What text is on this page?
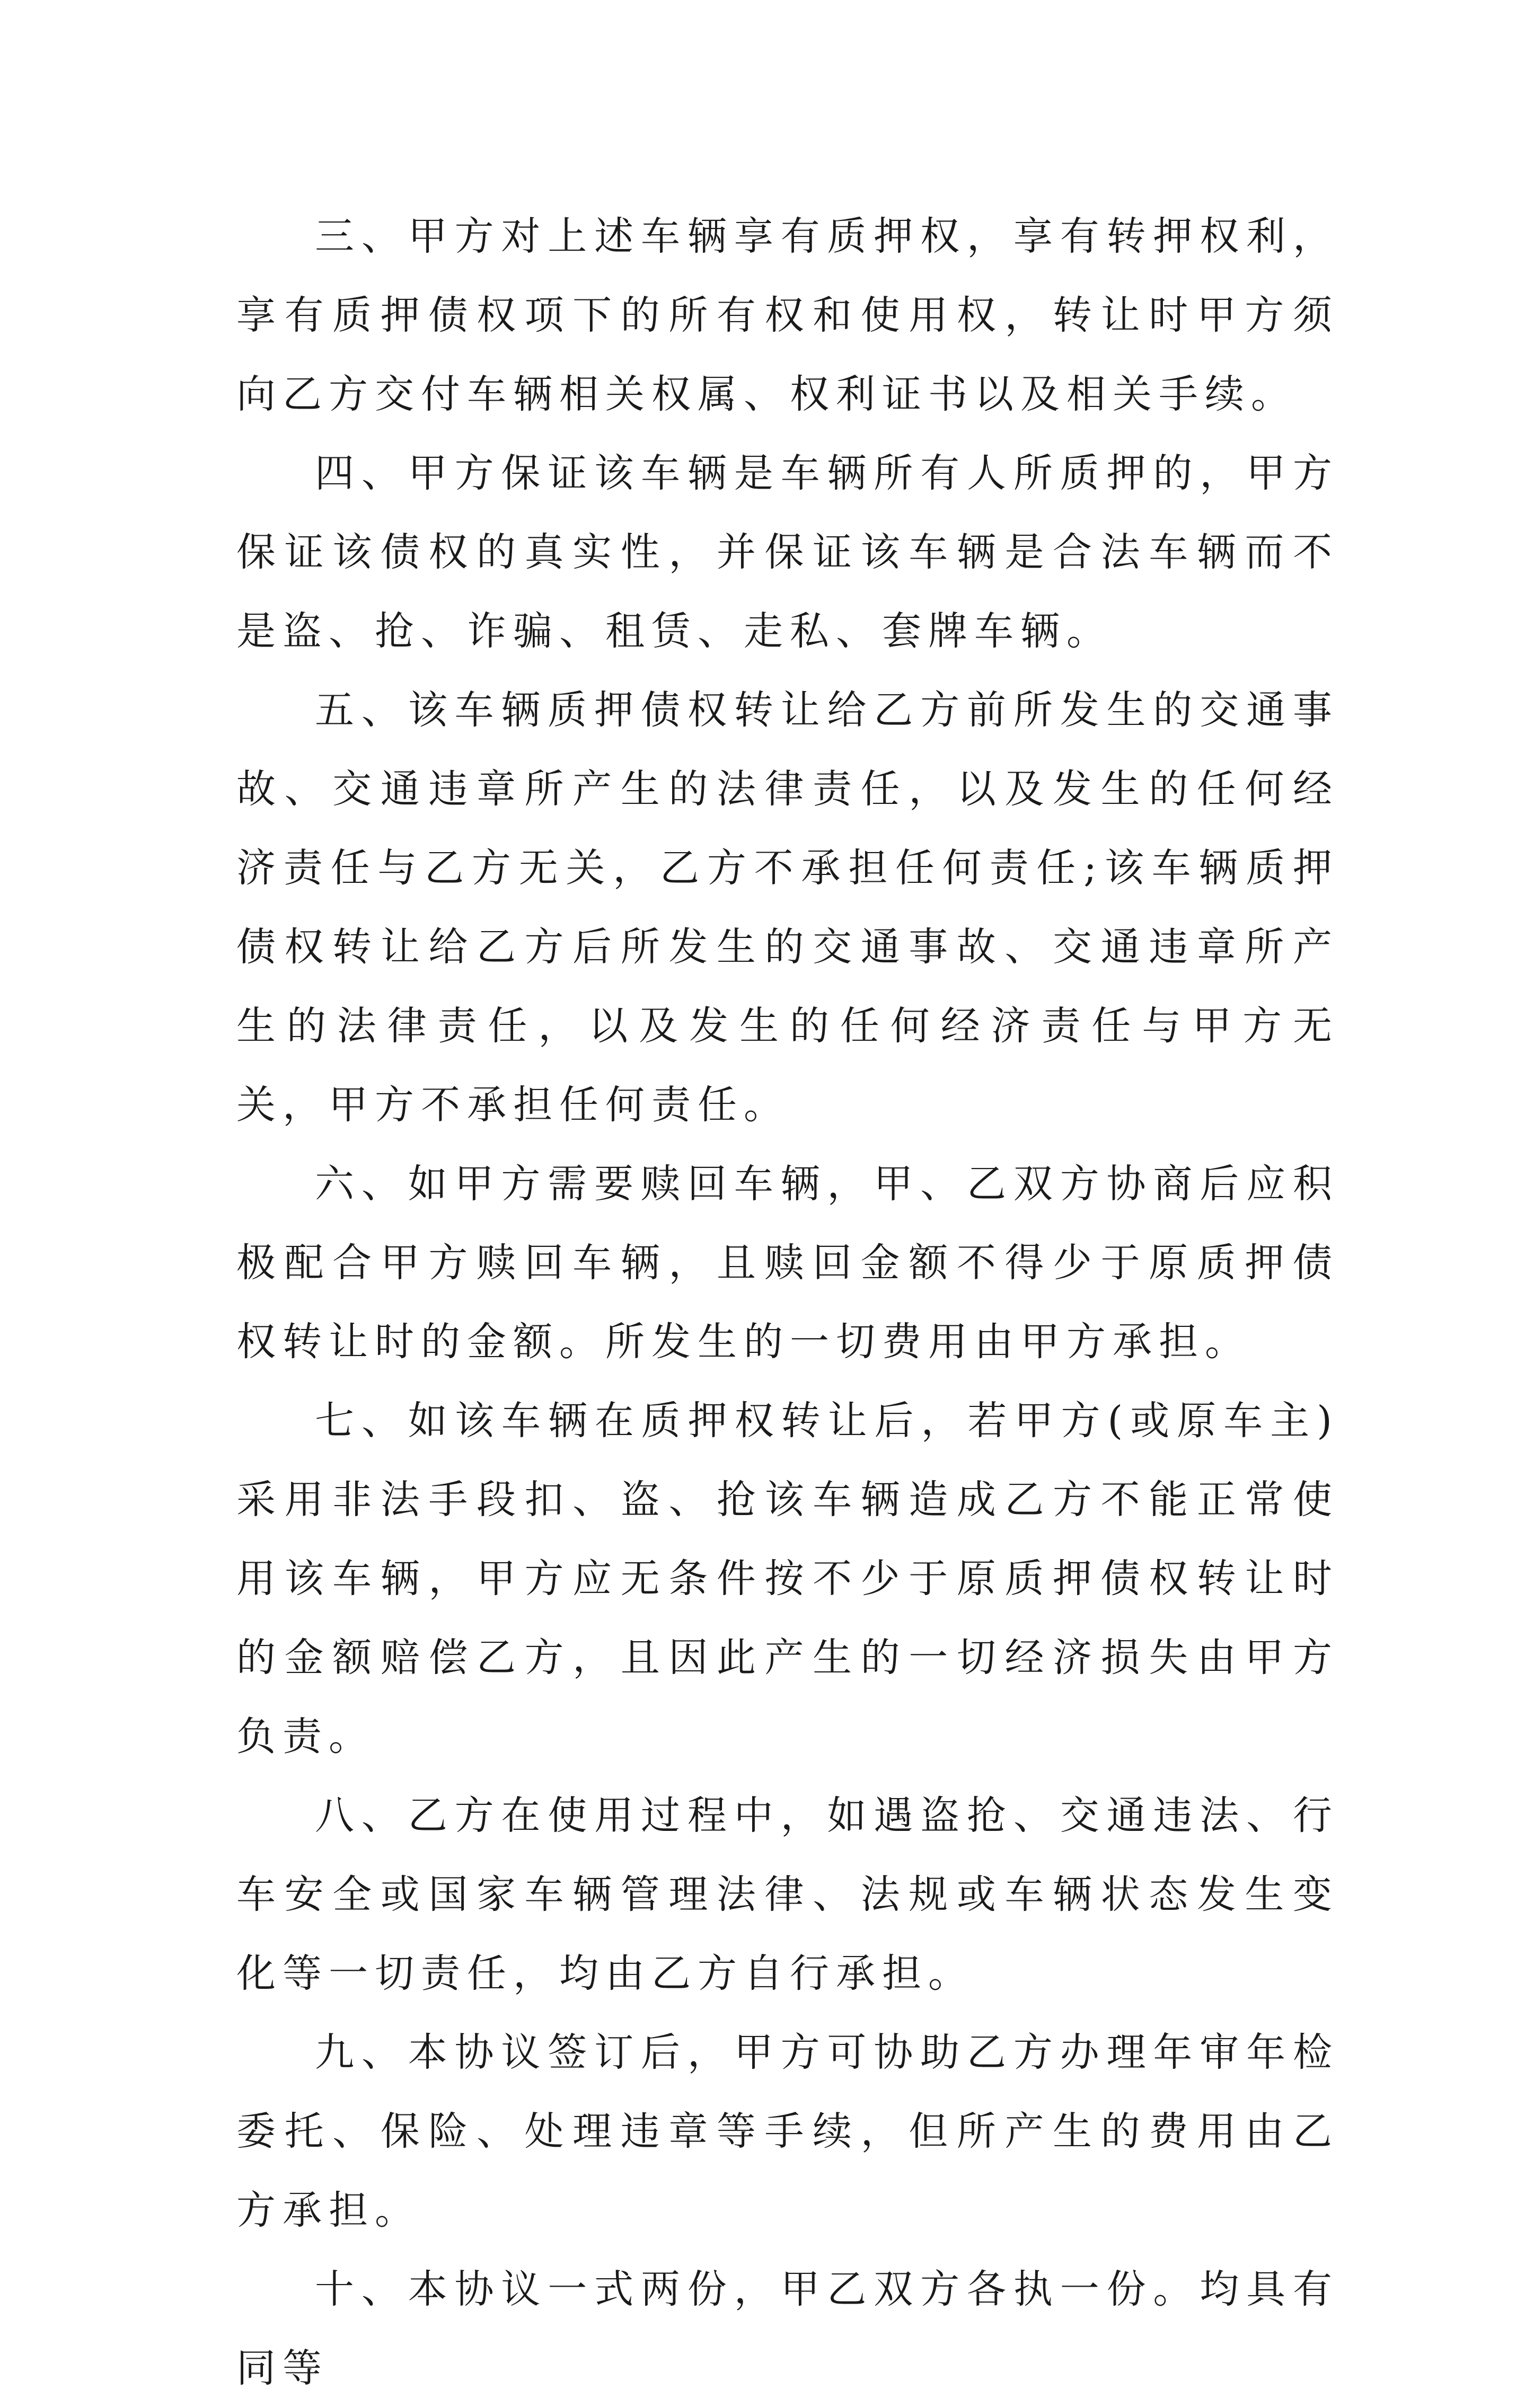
三、甲方对上述车辆享有质押权，享有转押权利，享有质押债权项下的所有权和使用权，转让时甲方须向乙方交付车辆相关权属、权利证书以及相关手续。

四、甲方保证该车辆是车辆所有人所质押的，甲方保证该债权的真实性，并保证该车辆是合法车辆而不是盗、抢、诈骗、租赁、走私、套牌车辆。

五、该车辆质押债权转让给乙方前所发生的交通事故、交通违章所产生的法律责任，以及发生的任何经济责任与乙方无关，乙方不承担任何责任;该车辆质押债权转让给乙方后所发生的交通事故、交通违章所产生的法律责任，以及发生的任何经济责任与甲方无关，甲方不承担任何责任。

六、如甲方需要赎回车辆，甲、乙双方协商后应积极配合甲方赎回车辆，且赎回金额不得少于原质押债权转让时的金额。所发生的一切费用由甲方承担。

七、如该车辆在质押权转让后，若甲方(或原车主)采用非法手段扣、盗、抢该车辆造成乙方不能正常使用该车辆，甲方应无条件按不少于原质押债权转让时的金额赔偿乙方，且因此产生的一切经济损失由甲方负责。

八、乙方在使用过程中，如遇盗抢、交通违法、行车安全或国家车辆管理法律、法规或车辆状态发生变化等一切责任，均由乙方自行承担。

九、本协议签订后，甲方可协助乙方办理年审年检委托、保险、处理违章等手续，但所产生的费用由乙方承担。

十、本协议一式两份，甲乙双方各执一份。均具有同等
